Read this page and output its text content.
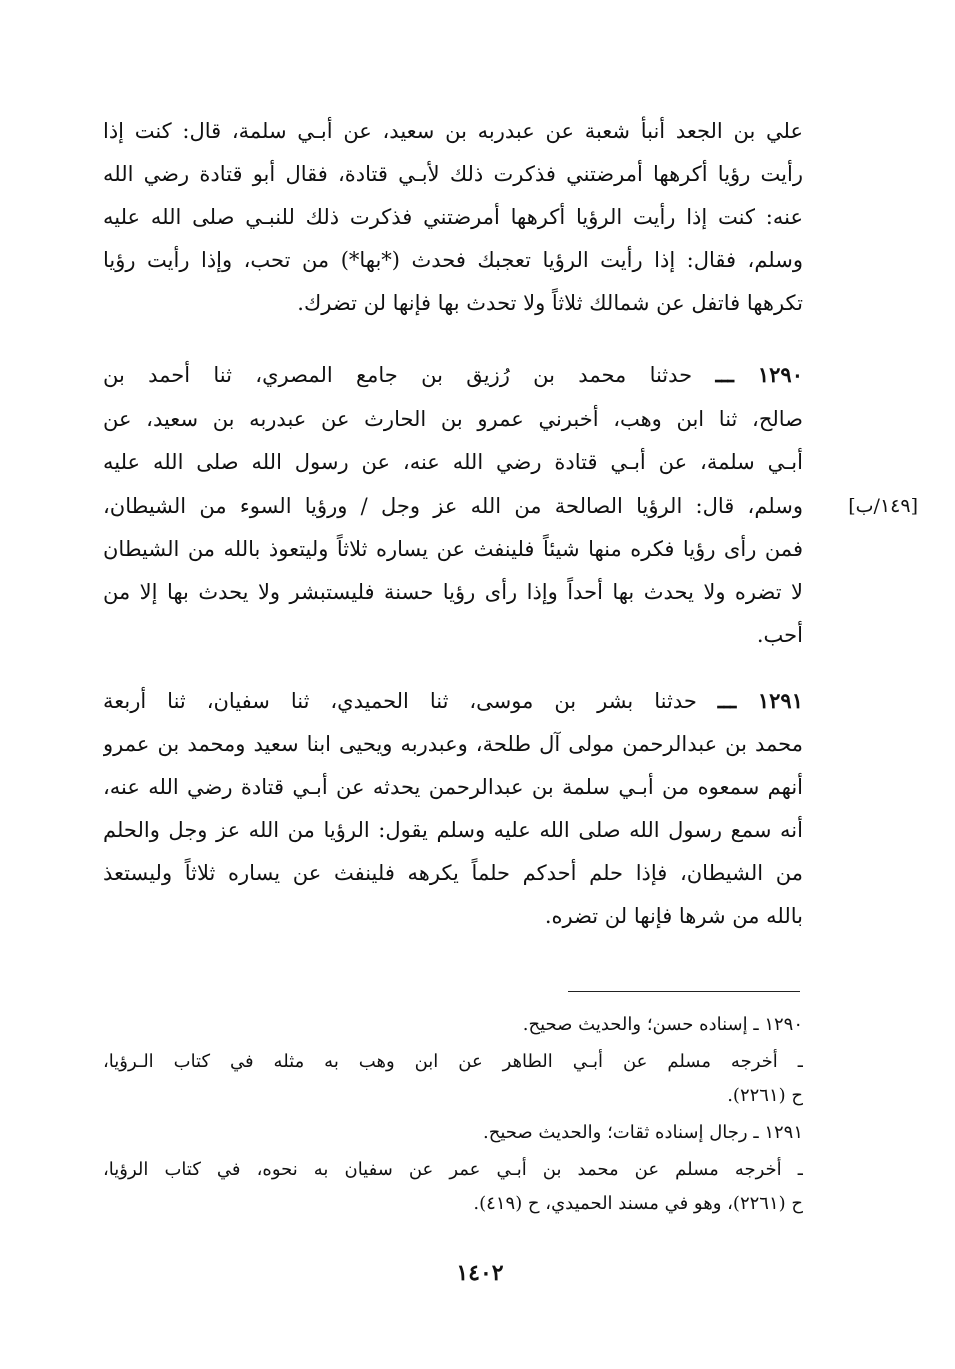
علي بن الجعد أنبأ شعبة عن عبدربه بن سعيد، عن أبـي سلمة، قال: كنت إذا
رأيت رؤيا أكرهها أمرضتني فذكرت ذلك لأبـي قتادة، فقال أبو قتادة رضي الله
عنه: كنت إذا رأيت الرؤيا أكرهها أمرضتني فذكرت ذلك للنبـي صلى الله عليه
وسلم، فقال: إذا رأيت الرؤيا تعجبك فحدث (*بها*) من تحب، وإذا رأيت رؤيا
تكرهها فاتفل عن شمالك ثلاثاً ولا تحدث بها فإنها لن تضرك.
١٢٩٠ ـــ حدثنا محمد بن رُزيق بن جامع المصري، ثنا أحمد بن
صالح، ثنا ابن وهب، أخبرني عمرو بن الحارث عن عبدربه بن سعيد، عن
أبـي سلمة، عن أبـي قتادة رضي الله عنه، عن رسول الله صلى الله عليه
وسلم، قال: الرؤيا الصالحة من الله عز وجل / ورؤيا السوء من الشيطان،
فمن رأى رؤيا فكره منها شيئاً فلينفث عن يساره ثلاثاً وليتعوذ بالله من الشيطان
لا تضره ولا يحدث بها أحداً وإذا رأى رؤيا حسنة فليستبشر ولا يحدث بها إلا من
أحب.
[١٤٩/ب]
١٢٩١ ـــ حدثنا بشر بن موسى، ثنا الحميدي، ثنا سفيان، ثنا أربعة
محمد بن عبدالرحمن مولى آل طلحة، وعبدربه ويحيى ابنا سعيد ومحمد بن عمرو
أنهم سمعوه من أبـي سلمة بن عبدالرحمن يحدثه عن أبـي قتادة رضي الله عنه،
أنه سمع رسول الله صلى الله عليه وسلم يقول: الرؤيا من الله عز وجل والحلم
من الشيطان، فإذا حلم أحدكم حلماً يكرهه فلينفث عن يساره ثلاثاً وليستعذ
بالله من شرها فإنها لن تضره.
١٢٩٠ ـ إسناده حسن؛ والحديث صحيح.
ـ أخرجه مسلم عن أبـي الطاهر عن ابن وهب به مثله في كتاب الـرؤيا،
ح (٢٢٦١).
١٢٩١ ـ رجال إسناده ثقات؛ والحديث صحيح.
ـ أخرجه مسلم عن محمد بن أبـي عمر عن سفيان به نحوه، في كتاب الرؤيا،
ح (٢٢٦١)، وهو في مسند الحميدي، ح (٤١٩).
١٤٠٢
